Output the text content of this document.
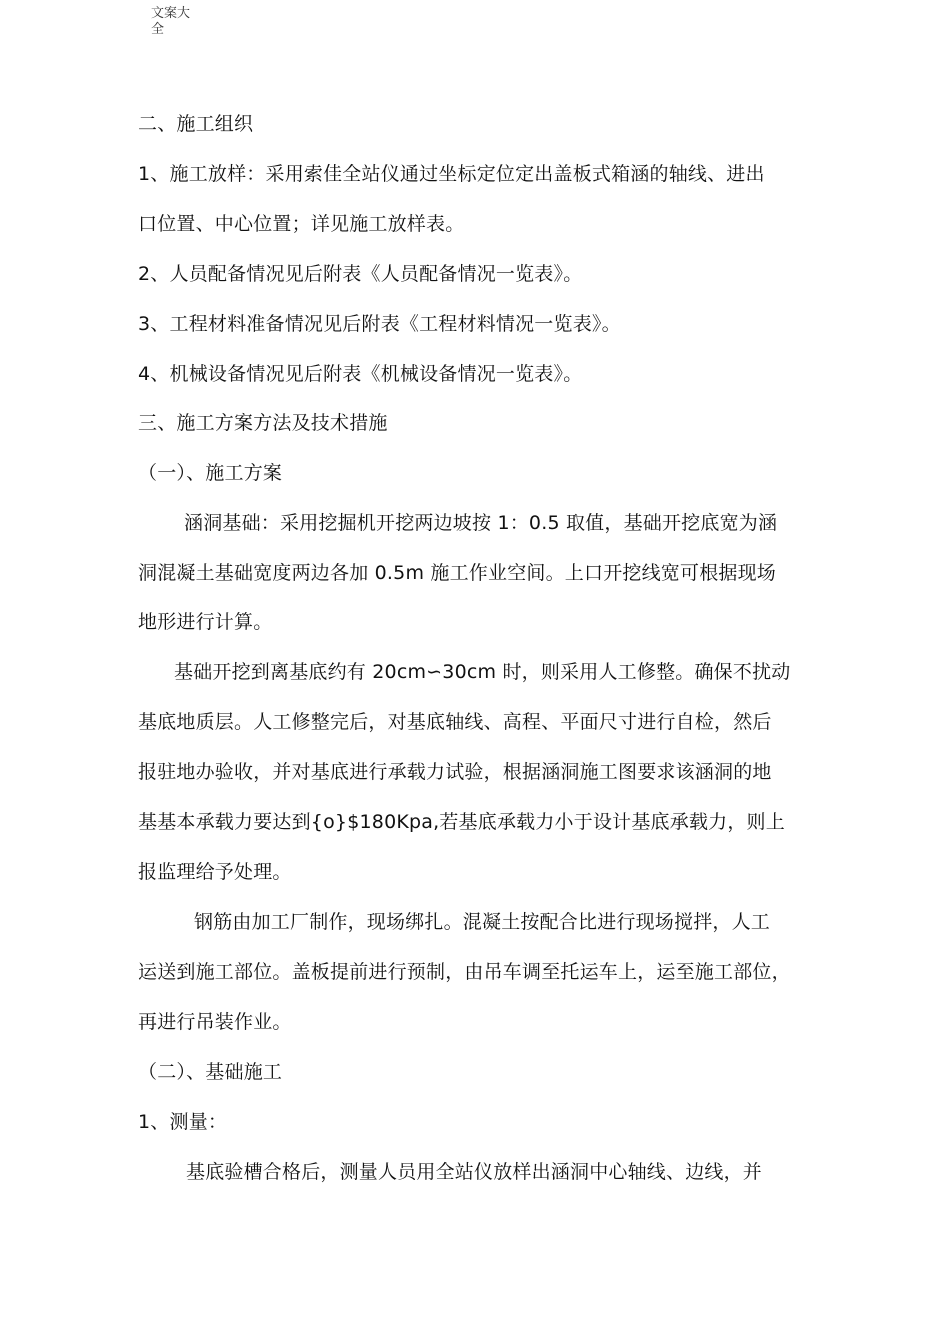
文案大
全
二、施工组织
1、施工放样：采用索佳全站仪通过坐标定位定出盖板式箱涵的轴线、进出
口位置、中心位置；详见施工放样表。
2、人员配备情况见后附表《人员配备情况一览表》。
3、工程材料准备情况见后附表《工程材料情况一览表》。
4、机械设备情况见后附表《机械设备情况一览表》。
三、施工方案方法及技术措施
（一）、施工方案
涵洞基础：采用挖掘机开挖两边坡按 1：0.5 取值，基础开挖底宽为涵
洞混凝土基础宽度两边各加 0.5m 施工作业空间。上口开挖线宽可根据现场
地形进行计算。
基础开挖到离基底约有 20cm∽30cm 时，则采用人工修整。确保不扰动
基底地质层。人工修整完后，对基底轴线、高程、平面尺寸进行自检，然后
报驻地办验收，并对基底进行承载力试验，根据涵洞施工图要求该涵洞的地
基基本承载力要达到{o}$180Kpa,若基底承载力小于设计基底承载力，则上
报监理给予处理。
钢筋由加工厂制作，现场绑扎。混凝土按配合比进行现场搅拌，人工
运送到施工部位。盖板提前进行预制，由吊车调至托运车上，运至施工部位，
再进行吊装作业。
（二）、基础施工
1、测量：
基底验槽合格后，测量人员用全站仪放样出涵洞中心轴线、边线，并
